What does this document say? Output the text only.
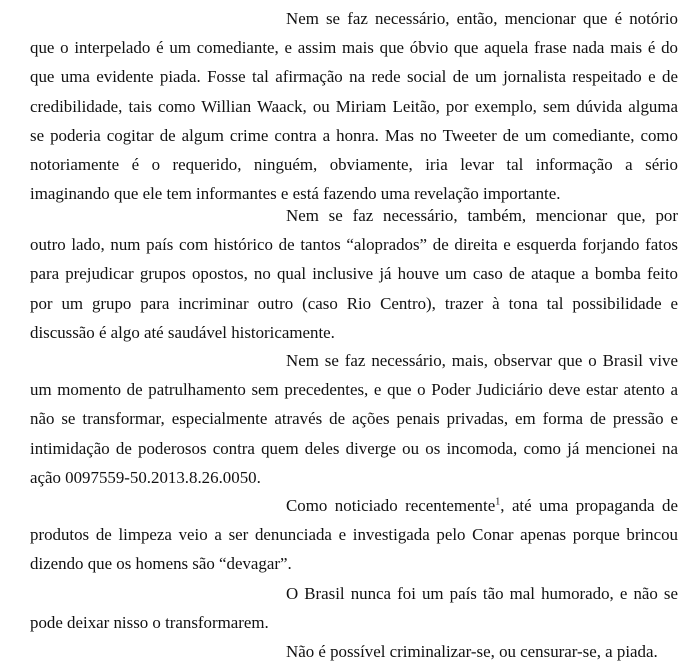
Nem se faz necessário, então, mencionar que é notório
que o interpelado é um comediante, e assim mais que óbvio que aquela frase nada mais é do
que uma evidente piada. Fosse tal afirmação na rede social de um jornalista respeitado e de
credibilidade, tais como Willian Waack, ou Miriam Leitão, por exemplo, sem dúvida alguma
se poderia cogitar de algum crime contra a honra. Mas no Tweeter de um comediante, como
notoriamente é o requerido, ninguém, obviamente, iria levar tal informação a sério
imaginando que ele tem informantes e está fazendo uma revelação importante.
Nem se faz necessário, também, mencionar que, por
outro lado, num país com histórico de tantos “aloprados” de direita e esquerda forjando fatos
para prejudicar grupos opostos, no qual inclusive já houve um caso de ataque a bomba feito
por um grupo para incriminar outro (caso Rio Centro), trazer à tona tal possibilidade e
discussão é algo até saudável historicamente.
Nem se faz necessário, mais, observar que o Brasil vive
um momento de patrulhamento sem precedentes, e que o Poder Judiciário deve estar atento a
não se transformar, especialmente através de ações penais privadas, em forma de pressão e
intimidação de poderosos contra quem deles diverge ou os incomoda, como já mencionei na
ação 0097559-50.2013.8.26.0050.
Como noticiado recentemente$^1$, até uma propaganda de
produtos de limpeza veio a ser denunciada e investigada pelo Conar apenas porque brincou
dizendo que os homens são “devagar”.
O Brasil nunca foi um país tão mal humorado, e não se
pode deixar nisso o transformarem.
Não é possível criminalizar-se, ou censurar-se, a piada.
